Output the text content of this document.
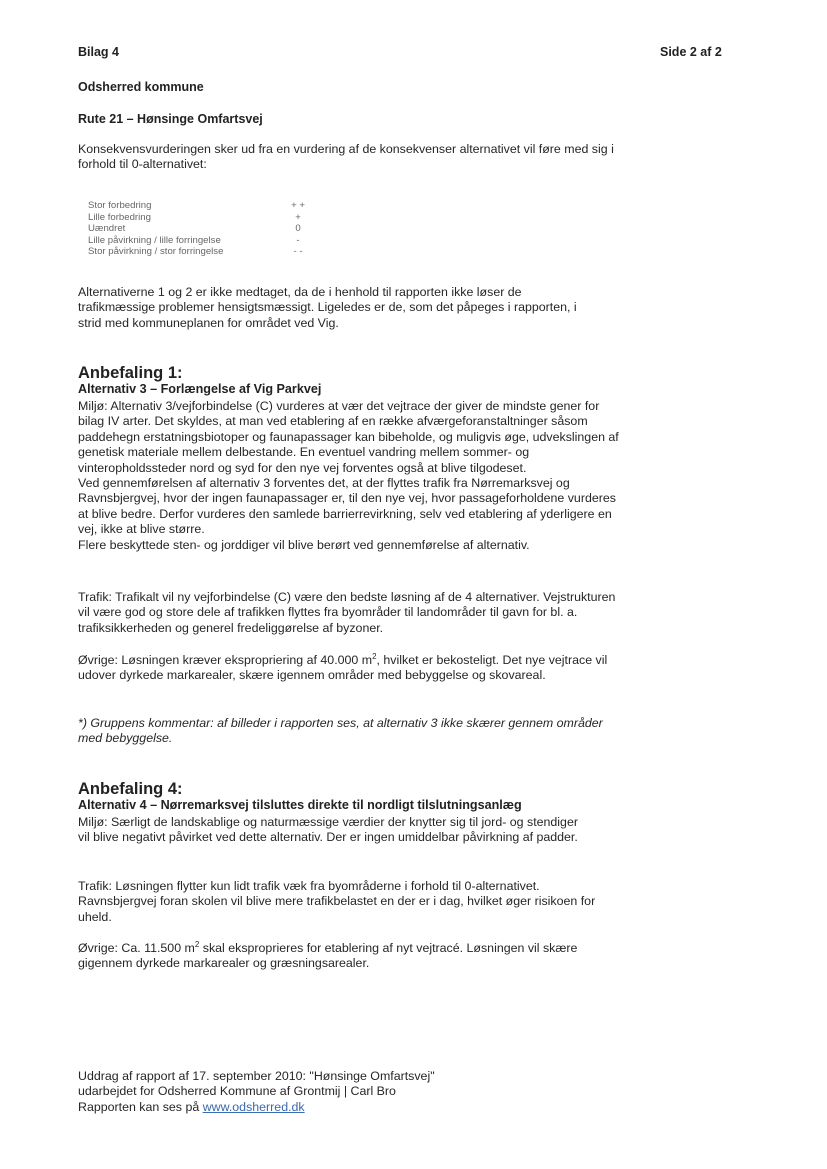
Bilag 4	Side 2 af 2
Odsherred kommune
Rute 21 – Hønsinge Omfartsvej
Konsekvensvurderingen sker ud fra en vurdering af de konsekvenser alternativet vil føre med sig i forhold til 0-alternativet:
Stor forbedring	+ +
Lille forbedring	+
Uændret	0
Lille påvirkning / lille forringelse	-
Stor påvirkning / stor forringelse	- -
Alternativerne 1 og 2 er ikke medtaget, da de i henhold til rapporten ikke løser de trafikmæssige problemer hensigtsmæssigt. Ligeledes er de, som det påpeges i rapporten, i strid med kommuneplanen for området ved Vig.
Anbefaling 1:
Alternativ 3 – Forlængelse af Vig Parkvej

Miljø: Alternativ 3/vejforbindelse (C) vurderes at vær det vejtrace der giver de mindste gener for bilag IV arter. Det skyldes, at man ved etablering af en række afværgeforanstaltninger såsom paddehegn erstatningsbiotoper og faunapassager kan bibeholde, og muligvis øge, udvekslingen af genetisk materiale mellem delbestande. En eventuel vandring mellem sommer- og vinteropholdssteder nord og syd for den nye vej forventes også at blive tilgodeset.

Ved gennemførelsen af alternativ 3 forventes det, at der flyttes trafik fra Nørremarksvej og Ravnsbjergvej, hvor der ingen faunapassager er, til den nye vej, hvor passageforholdene vurderes at blive bedre. Derfor vurderes den samlede barrierrevirkning, selv ved etablering af yderligere en vej, ikke at blive større.

Flere beskyttede sten- og jorddiger vil blive berørt ved gennemførelse af alternativ.

Trafik: Trafikalt vil ny vejforbindelse (C) være den bedste løsning af de 4 alternativer. Vejstrukturen vil være god og store dele af trafikken flyttes fra byområder til landområder til gavn for bl. a. trafiksikkerheden og generel fredeliggørelse af byzoner.
Øvrige: Løsningen kræver ekspropriering af 40.000 $m^2$, hvilket er bekosteligt. Det nye vejtrace vil udover dyrkede markarealer, skære igennem områder med bebyggelse og skovareal.
*) Gruppens kommentar: af billeder i rapporten ses, at alternativ 3 ikke skærer gennem områder med bebyggelse.
Anbefaling 4:
Alternativ 4 – Nørremarksvej tilsluttes direkte til nordligt tilslutningsanlæg
Miljø: Særligt de landskablige og naturmæssige værdier der knytter sig til jord- og stendiger vil blive negativt påvirket ved dette alternativ. Der er ingen umiddelbar påvirkning af padder.
Trafik: Løsningen flytter kun lidt trafik væk fra byområderne i forhold til 0-alternativet. Ravnsbjergvej foran skolen vil blive mere trafikbelastet en der er i dag, hvilket øger risikoen for uheld.
Øvrige: Ca. 11.500 $m^2$ skal eksproprieres for etablering af nyt vejtracé. Løsningen vil skære gigennem dyrkede markarealer og græsningsarealer.

Uddrag af rapport af 17. september 2010: "Hønsinge Omfartsvej"

udarbejdet for Odsherred Kommune af Grontmij | Carl Bro

Rapporten kan ses på www.odsherred.dk
